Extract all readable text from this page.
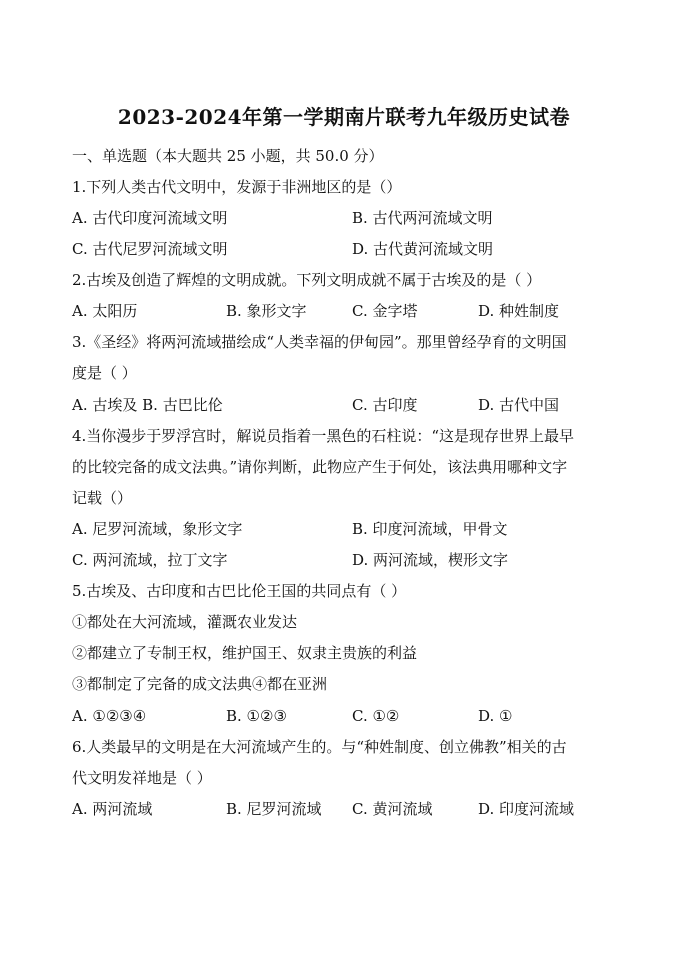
2023-2024年第一学期南片联考九年级历史试卷
一、单选题（本大题共 25 小题，共 50.0 分）
1.下列人类古代文明中，发源于非洲地区的是（）
A. 古代印度河流域文明	B. 古代两河流域文明
C. 古代尼罗河流域文明	D. 古代黄河流域文明
2.古埃及创造了辉煌的文明成就。下列文明成就不属于古埃及的是（ ）
A. 太阳历	B. 象形文字	C. 金字塔	D. 种姓制度
3.《圣经》将两河流域描绘成“人类幸福的伊甸园”。那里曾经孕育的文明国
度是（ ）
A. 古埃及 B. 古巴比伦	C. 古印度	D. 古代中国
4.当你漫步于罗浮宫时，解说员指着一黑色的石柱说：“这是现存世界上最早
的比较完备的成文法典。”请你判断，此物应产生于何处，该法典用哪种文字
记载（）
A. 尼罗河流域，象形文字	B. 印度河流域，甲骨文
C. 两河流域，拉丁文字	D. 两河流域，楔形文字
5.古埃及、古印度和古巴比伦王国的共同点有（ ）
①都处在大河流域，灌溉农业发达
②都建立了专制王权，维护国王、奴隶主贵族的利益
③都制定了完备的成文法典④都在亚洲
A. ①②③④	B. ①②③	C. ①②	D. ①
6.人类最早的文明是在大河流域产生的。与“种姓制度、创立佛教”相关的古
代文明发祥地是（ ）
A. 两河流域	B. 尼罗河流域 C. 黄河流域	D. 印度河流域
